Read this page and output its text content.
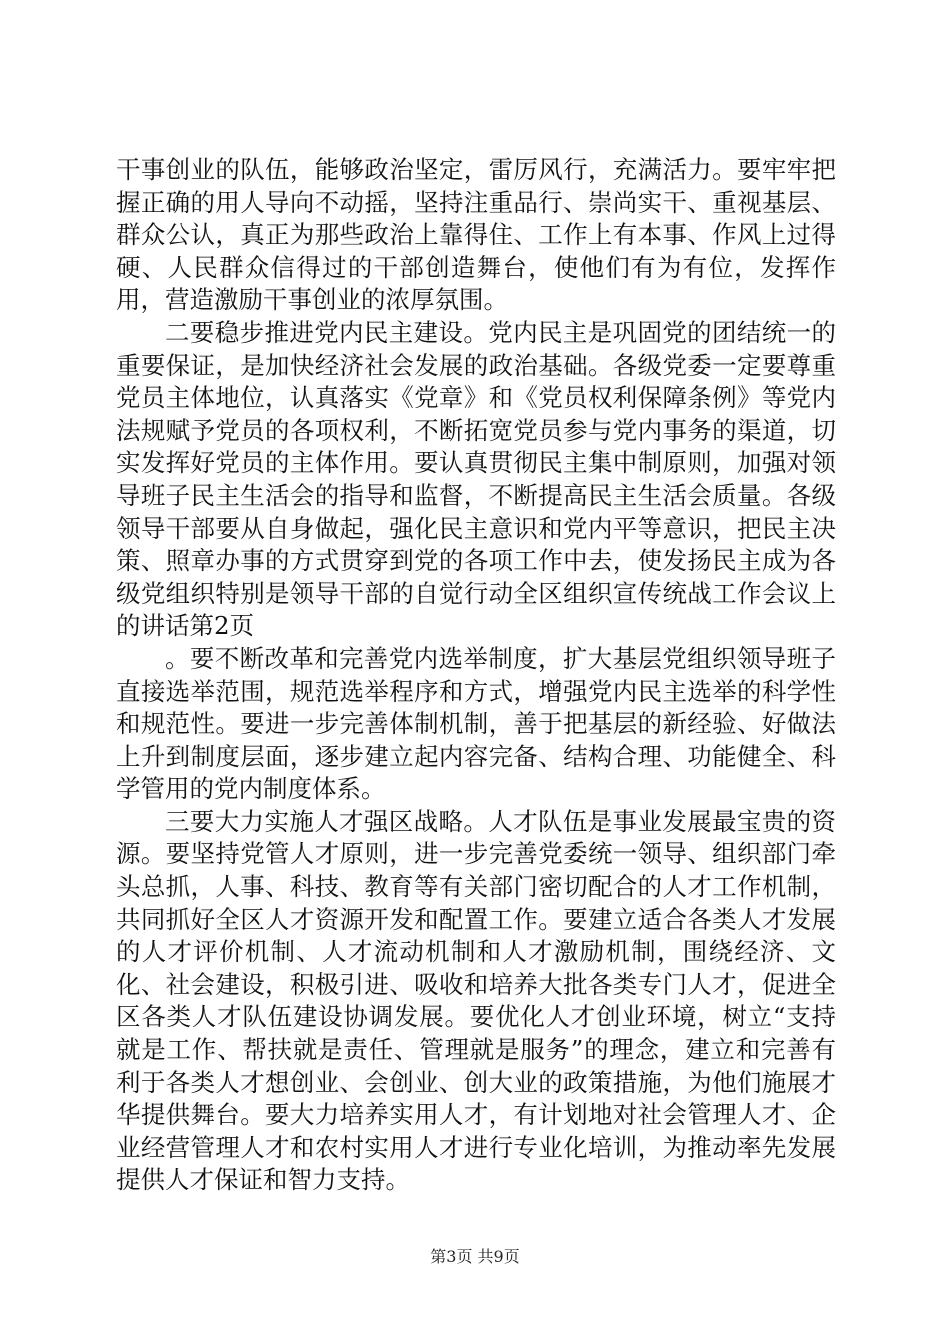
干事创业的队伍，能够政治坚定，雷厉风行，充满活力。要牢牢把握正确的用人导向不动摇，坚持注重品行、崇尚实干、重视基层、群众公认，真正为那些政治上靠得住、工作上有本事、作风上过得硬、人民群众信得过的干部创造舞台，使他们有为有位，发挥作用，营造激励干事创业的浓厚氛围。

二要稳步推进党内民主建设。党内民主是巩固党的团结统一的重要保证，是加快经济社会发展的政治基础。各级党委一定要尊重党员主体地位，认真落实《党章》和《党员权利保障条例》等党内法规赋予党员的各项权利，不断拓宽党员参与党内事务的渠道，切实发挥好党员的主体作用。要认真贯彻民主集中制原则，加强对领导班子民主生活会的指导和监督，不断提高民主生活会质量。各级领导干部要从自身做起，强化民主意识和党内平等意识，把民主决策、照章办事的方式贯穿到党的各项工作中去，使发扬民主成为各级党组织特别是领导干部的自觉行动全区组织宣传统战工作会议上的讲话第2页

。要不断改革和完善党内选举制度，扩大基层党组织领导班子直接选举范围，规范选举程序和方式，增强党内民主选举的科学性和规范性。要进一步完善体制机制，善于把基层的新经验、好做法上升到制度层面，逐步建立起内容完备、结构合理、功能健全、科学管用的党内制度体系。

三要大力实施人才强区战略。人才队伍是事业发展最宝贵的资源。要坚持党管人才原则，进一步完善党委统一领导、组织部门牵头总抓，人事、科技、教育等有关部门密切配合的人才工作机制，共同抓好全区人才资源开发和配置工作。要建立适合各类人才发展的人才评价机制、人才流动机制和人才激励机制，围绕经济、文化、社会建设，积极引进、吸收和培养大批各类专门人才，促进全区各类人才队伍建设协调发展。要优化人才创业环境，树立“支持就是工作、帮扶就是责任、管理就是服务”的理念，建立和完善有利于各类人才想创业、会创业、创大业的政策措施，为他们施展才华提供舞台。要大力培养实用人才，有计划地对社会管理人才、企业经营管理人才和农村实用人才进行专业化培训，为推动率先发展提供人才保证和智力支持。

第3页 共9页
